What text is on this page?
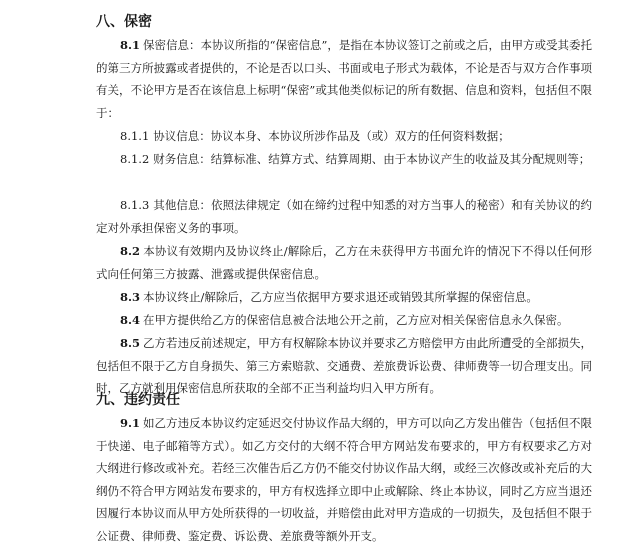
八、保密

8.1 保密信息：本协议所指的“保密信息”，是指在本协议签订之前或之后，由甲方或受其委托的第三方所披露或者提供的，不论是否以口头、书面或电子形式为载体，不论是否与双方合作事项有关，不论甲方是否在该信息上标明“保密”或其他类似标记的所有数据、信息和资料，包括但不限于：

8.1.1 协议信息：协议本身、本协议所涉作品及（或）双方的任何资料数据；

8.1.2 财务信息：结算标准、结算方式、结算周期、由于本协议产生的收益及其分配规则等；

8.1.3 其他信息：依照法律规定（如在缔约过程中知悉的对方当事人的秘密）和有关协议的约定对外承担保密义务的事项。

8.2 本协议有效期内及协议终止/解除后，乙方在未获得甲方书面允许的情况下不得以任何形式向任何第三方披露、泄露或提供保密信息。

8.3 本协议终止/解除后，乙方应当依据甲方要求退还或销毁其所掌握的保密信息。

8.4 在甲方提供给乙方的保密信息被合法地公开之前，乙方应对相关保密信息永久保密。

8.5 乙方若违反前述规定，甲方有权解除本协议并要求乙方赔偿甲方由此所遭受的全部损失，包括但不限于乙方自身损失、第三方索赔款、交通费、差旅费诉讼费、律师费等一切合理支出。同时，乙方就利用保密信息所获取的全部不正当利益均归入甲方所有。

九、违约责任

9.1 如乙方违反本协议约定延迟交付协议作品大纲的，甲方可以向乙方发出催告（包括但不限于快递、电子邮箱等方式）。如乙方交付的大纲不符合甲方网站发布要求的，甲方有权要求乙方对大纲进行修改或补充。若经三次催告后乙方仍不能交付协议作品大纲，或经三次修改或补充后的大纲仍不符合甲方网站发布要求的，甲方有权选择立即中止或解除、终止本协议，同时乙方应当退还因履行本协议而从甲方处所获得的一切收益，并赔偿由此对甲方造成的一切损失，及包括但不限于公证费、律师费、鉴定费、诉讼费、差旅费等额外开支。
